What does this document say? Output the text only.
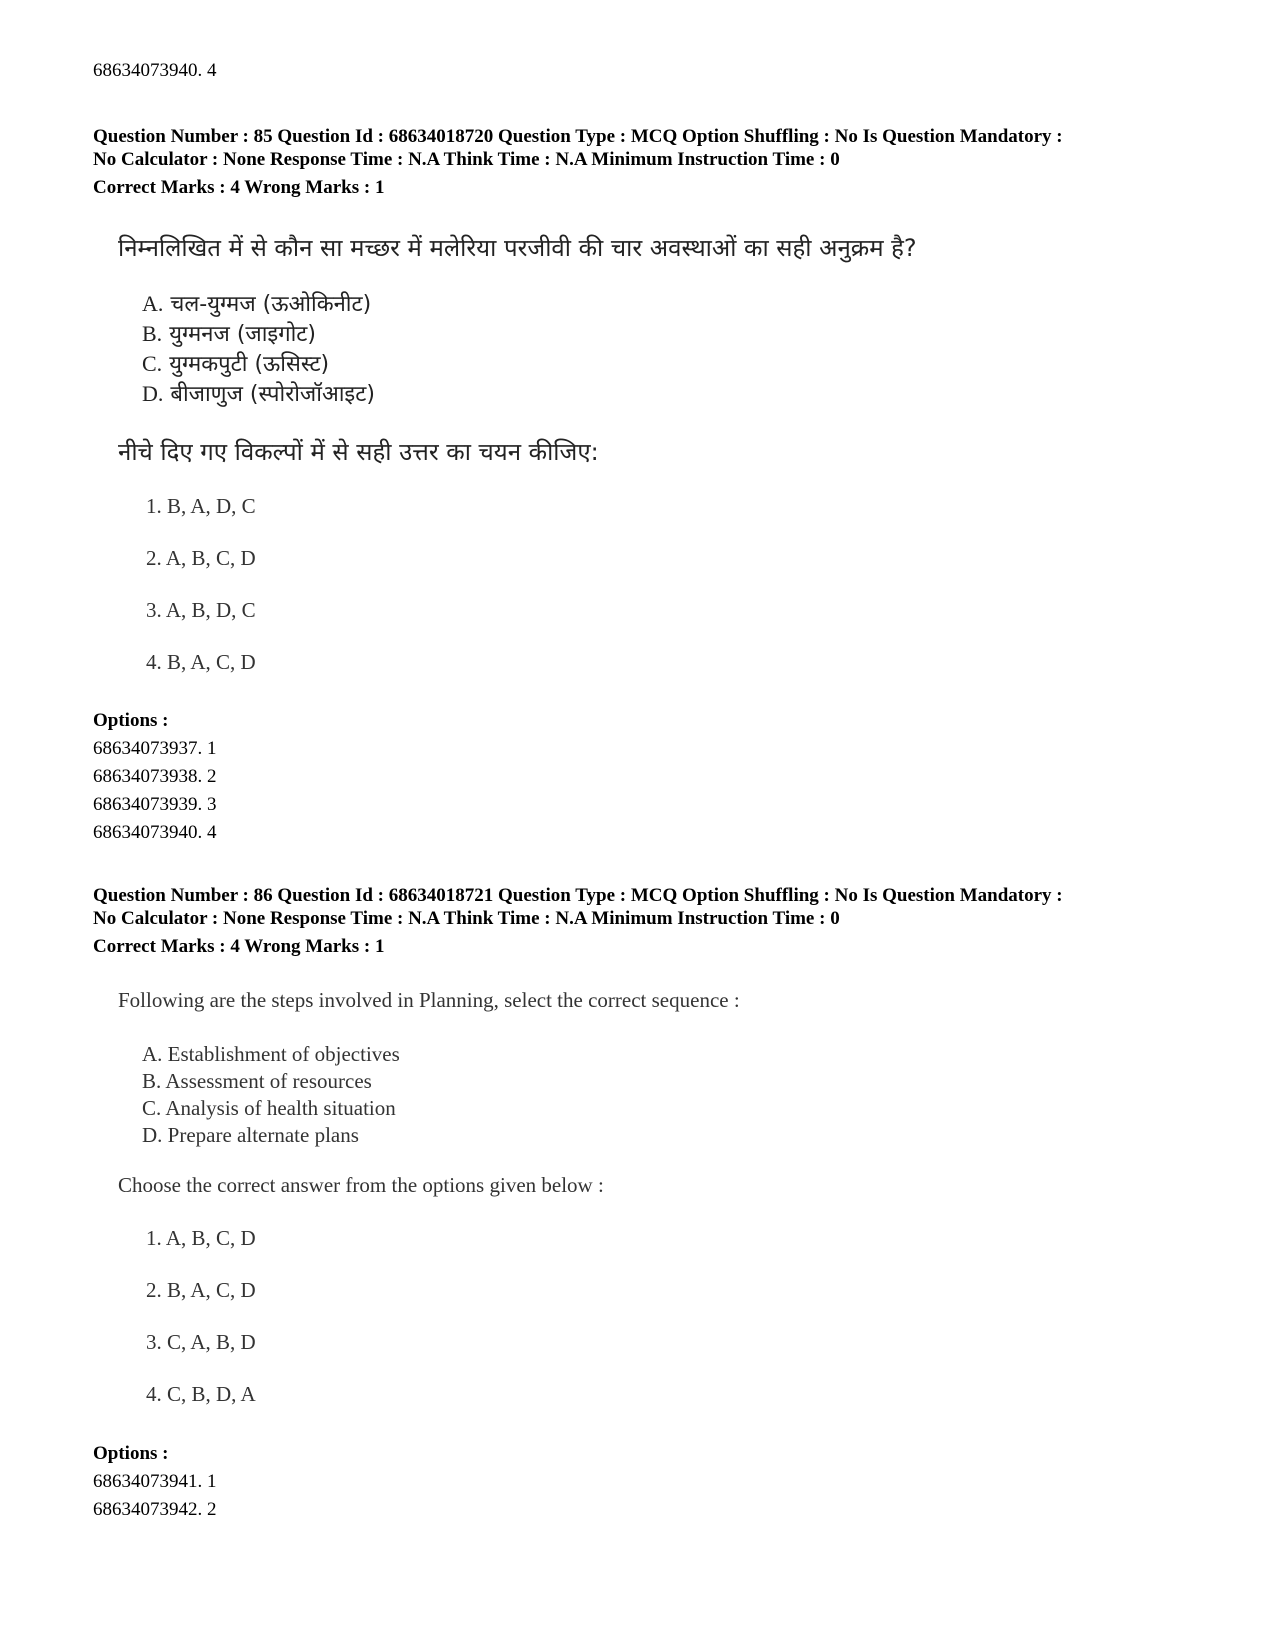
68634073940. 4
Question Number : 85 Question Id : 68634018720 Question Type : MCQ Option Shuffling : No Is Question Mandatory :
No Calculator : None Response Time : N.A Think Time : N.A Minimum Instruction Time : 0
Correct Marks : 4 Wrong Marks : 1
निम्नलिखित में से कौन सा मच्छर में मलेरिया परजीवी की चार अवस्थाओं का सही अनुक्रम है?
A. चल-युग्मज (ऊओकिनीट)
B. युग्मनज (जाइगोट)
C. युग्मकपुटी (ऊसिस्ट)
D. बीजाणुज (स्पोरोजॉआइट)
नीचे दिए गए विकल्पों में से सही उत्तर का चयन कीजिए:
1. B, A, D, C
2. A, B, C, D
3. A, B, D, C
4. B, A, C, D
Options :
68634073937. 1
68634073938. 2
68634073939. 3
68634073940. 4
Question Number : 86 Question Id : 68634018721 Question Type : MCQ Option Shuffling : No Is Question Mandatory :
No Calculator : None Response Time : N.A Think Time : N.A Minimum Instruction Time : 0
Correct Marks : 4 Wrong Marks : 1
Following are the steps involved in Planning, select the correct sequence :
A. Establishment of objectives
B. Assessment of resources
C. Analysis of health situation
D. Prepare alternate plans
Choose the correct answer from the options given below :
1. A, B, C, D
2. B, A, C, D
3. C, A, B, D
4. C, B, D, A
Options :
68634073941. 1
68634073942. 2
